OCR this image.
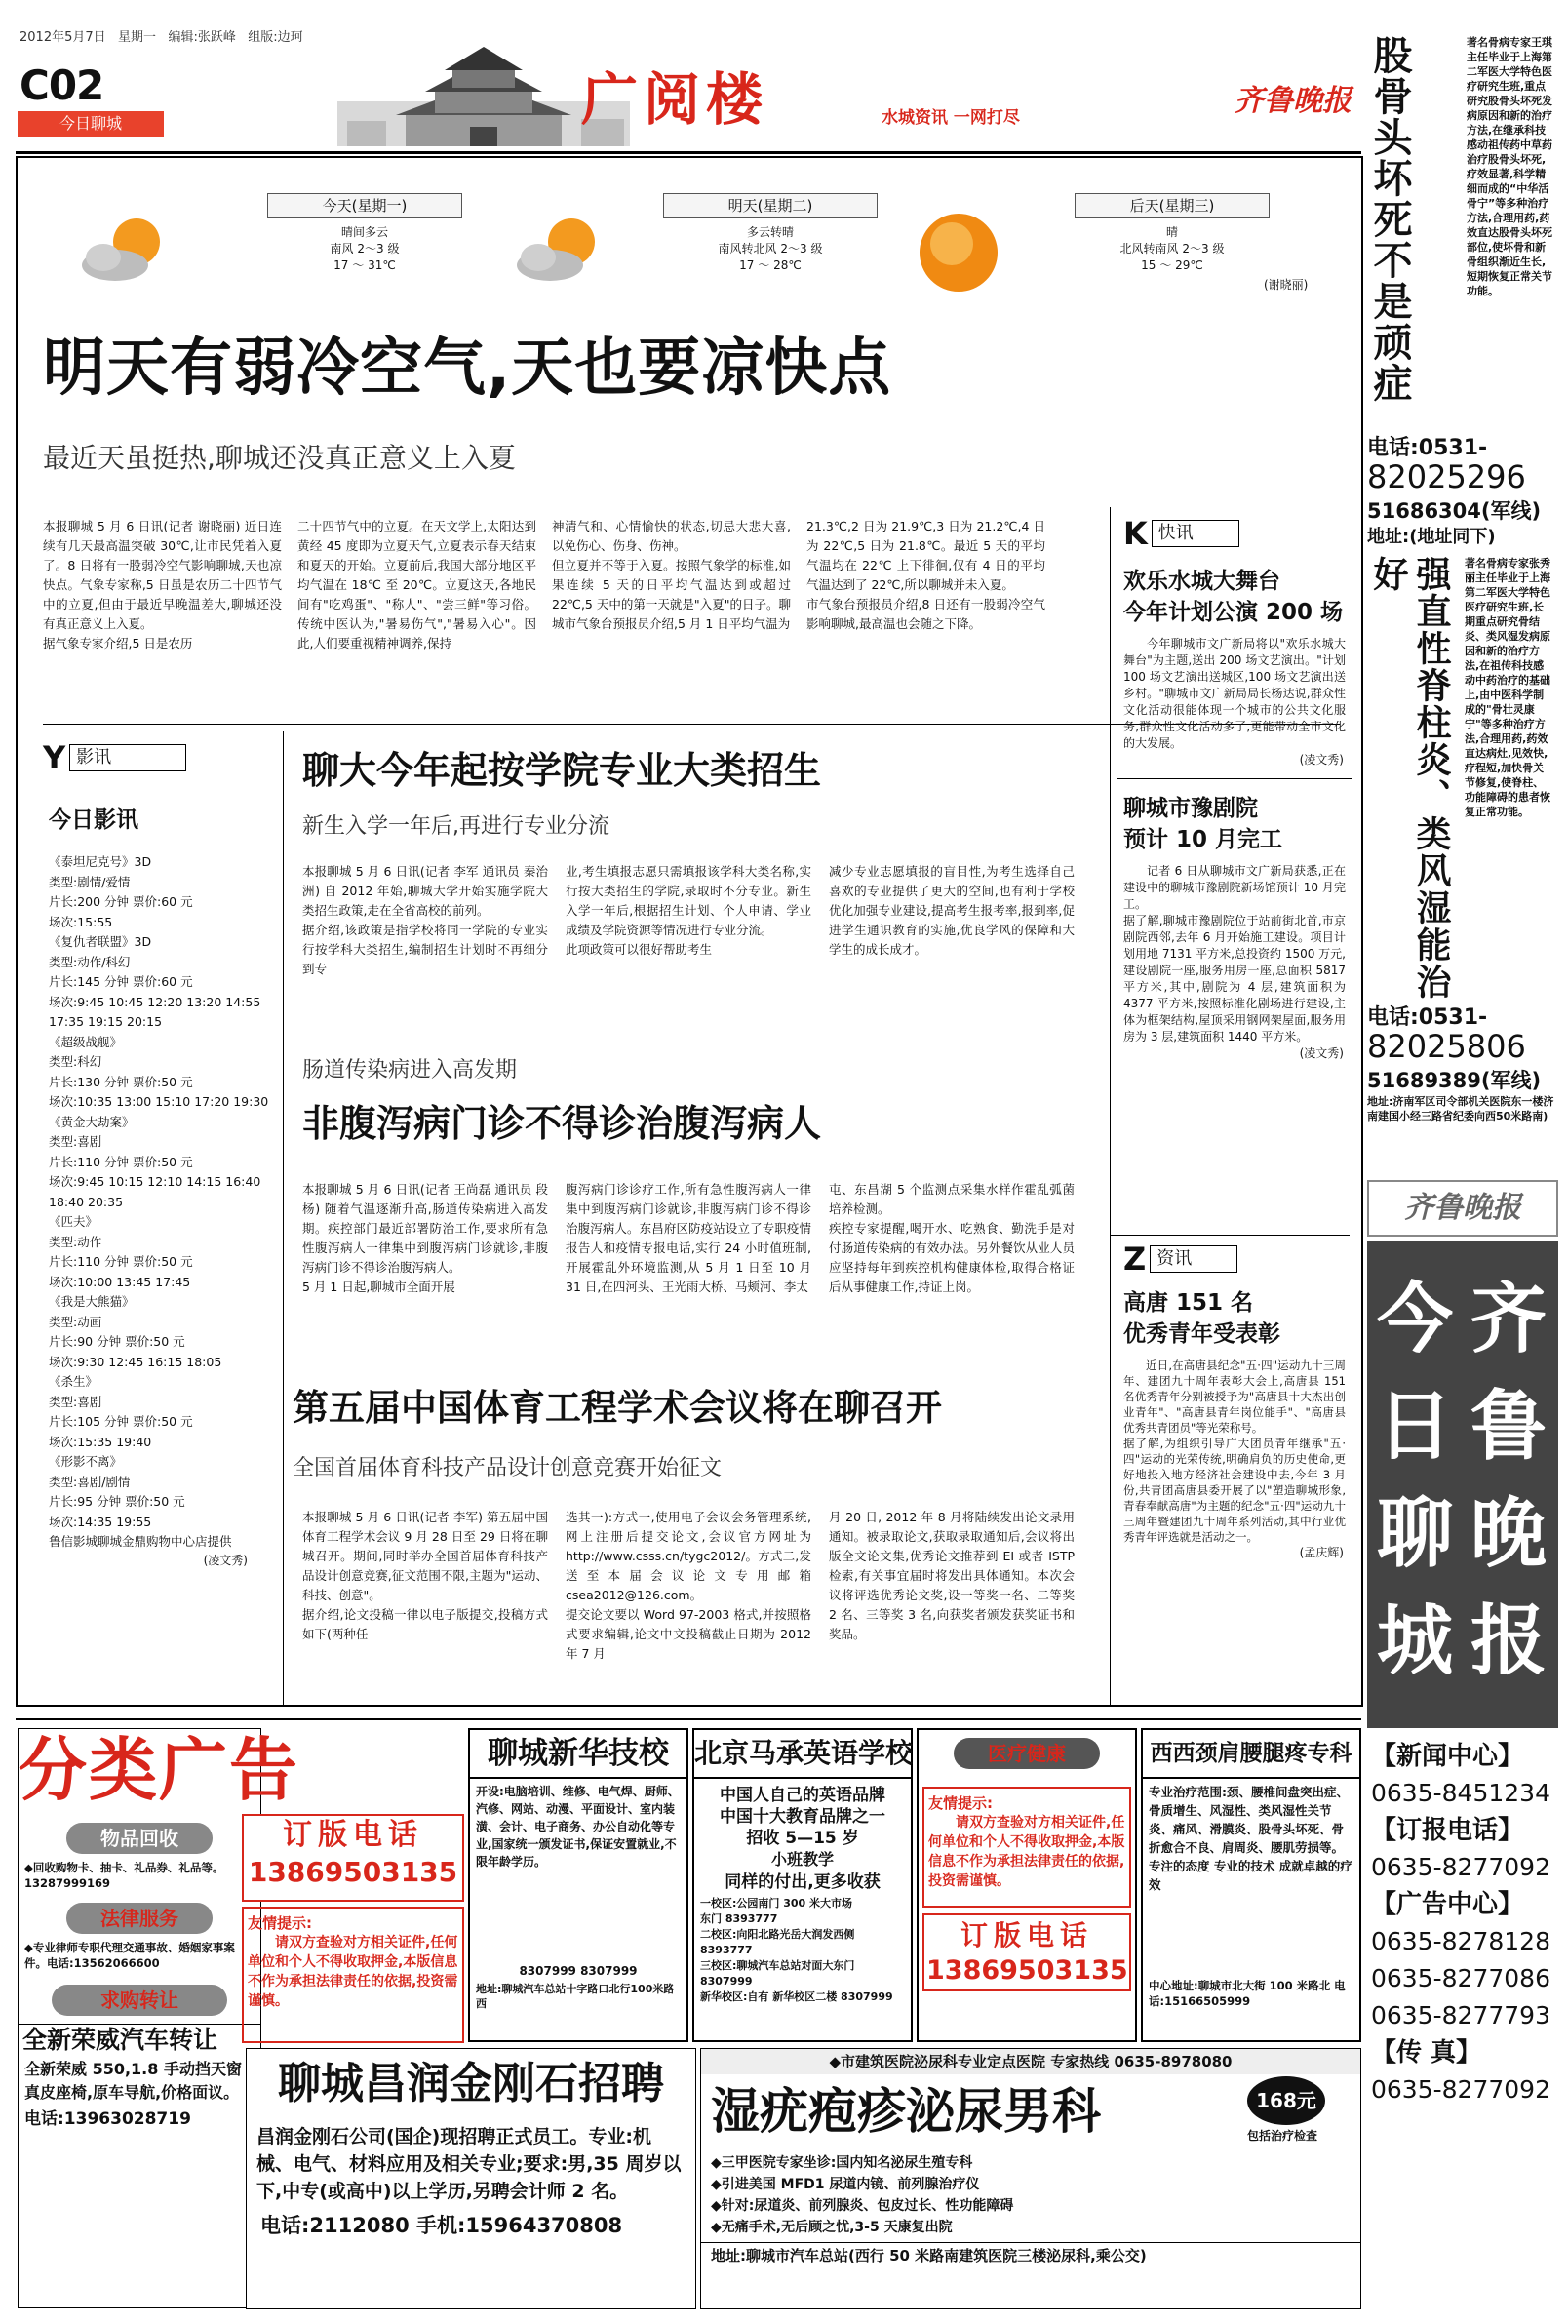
2012年5月7日 星期一 编辑:张跃峰 组版:边珂
C02
今日聊城	广阅楼	水城资讯 一网打尽	齐鲁晚报
今天(星期一)
晴间多云
南风 2～3 级
17 ～ 31℃
明天(星期二)
多云转晴
南风转北风 2～3 级
17 ～ 28℃
后天(星期三)
晴
北风转南风 2～3 级
15 ～ 29℃
(谢晓丽)
明天有弱冷空气,天也要凉快点
最近天虽挺热,聊城还没真正意义上入夏
本报聊城 5 月 6 日讯(记者 谢晓丽) 近日连续有几天最高温突破 30℃,让市民凭着入夏了。8 日将有一股弱冷空气影响聊城,天也凉快点。气象专家称,5 日虽是农历二十四节气中的立夏,但由于最近早晚温差大,聊城还没有真正意义上入夏。
据气象专家介绍,5 日是农历
二十四节气中的立夏。在天文学上,太阳达到黄经 45 度即为立夏天气,立夏表示春天结束和夏天的开始。立夏前后,我国大部分地区平均气温在 18℃ 至 20℃。立夏这天,各地民间有"吃鸡蛋"、"称人"、"尝三鲜"等习俗。传统中医认为,"暑易伤气","暑易入心"。因此,人们要重视精神调养,保持
神清气和、心情愉快的状态,切忌大悲大喜,以免伤心、伤身、伤神。
但立夏并不等于入夏。按照气象学的标准,如果连续 5 天的日平均气温达到或超过 22℃,5 天中的第一天就是"入夏"的日子。聊城市气象台预报员介绍,5 月 1 日平均气温为
21.3℃,2 日为 21.9℃,3 日为 21.2℃,4 日为 22℃,5 日为 21.8℃。最近 5 天的平均气温均在 22℃ 上下徘徊,仅有 4 日的平均气温达到了 22℃,所以聊城并未入夏。
市气象台预报员介绍,8 日还有一股弱冷空气影响聊城,最高温也会随之下降。
K 快讯
欢乐水城大舞台
今年计划公演 200 场
今年聊城市文广新局将以"欢乐水城大舞台"为主题,送出 200 场文艺演出。"计划 100 场文艺演出送城区,100 场文艺演出送乡村。"聊城市文广新局局长杨达说,群众性文化活动很能体现一个城市的公共文化服务,群众性文化活动多了,更能带动全市文化的大发展。
(凌文秀)
聊城市豫剧院
预计 10 月完工
记者 6 日从聊城市文广新局获悉,正在建设中的聊城市豫剧院新场馆预计 10 月完工。
据了解,聊城市豫剧院位于站前街北首,市京剧院西邻,去年 6 月开始施工建设。项目计划用地 7131 平方米,总投资约 1500 万元,建设剧院一座,服务用房一座,总面积 5817 平方米,其中,剧院为 4 层,建筑面积为 4377 平方米,按照标准化剧场进行建设,主体为框架结构,屋顶采用钢网架屋面,服务用房为 3 层,建筑面积 1440 平方米。
(凌文秀)
Z 资讯
高唐 151 名
优秀青年受表彰
近日,在高唐县纪念"五·四"运动九十三周年、建团九十周年表彰大会上,高唐县 151 名优秀青年分别被授予为"高唐县十大杰出创业青年"、"高唐县青年岗位能手"、"高唐县优秀共青团员"等光荣称号。
据了解,为组织引导广大团员青年继承"五·四"运动的光荣传统,明确肩负的历史使命,更好地投入地方经济社会建设中去,今年 3 月份,共青团高唐县委开展了以"塑造聊城形象,青春奉献高唐"为主题的纪念"五·四"运动九十三周年暨建团九十周年系列活动,其中行业优秀青年评选就是活动之一。
(孟庆辉)
Y 影讯
今日影讯
《泰坦尼克号》3D
类型:剧情/爱情
片长:200 分钟 票价:60 元
场次:15:55
《复仇者联盟》3D
类型:动作/科幻
片长:145 分钟 票价:60 元
场次:9:45 10:45 12:20 13:20 14:55 17:35 19:15 20:15
《超级战舰》
类型:科幻
片长:130 分钟 票价:50 元
场次:10:35 13:00 15:10 17:20 19:30
《黄金大劫案》
类型:喜剧
片长:110 分钟 票价:50 元
场次:9:45 10:15 12:10 14:15 16:40 18:40 20:35
《匹夫》
类型:动作
片长:110 分钟 票价:50 元
场次:10:00 13:45 17:45
《我是大熊猫》
类型:动画
片长:90 分钟 票价:50 元
场次:9:30 12:45 16:15 18:05
《杀生》
类型:喜剧
片长:105 分钟 票价:50 元
场次:15:35 19:40
《形影不离》
类型:喜剧/剧情
片长:95 分钟 票价:50 元
场次:14:35 19:55
鲁信影城聊城金鼎购物中心店提供
(凌文秀)
聊大今年起按学院专业大类招生
新生入学一年后,再进行专业分流
本报聊城 5 月 6 日讯(记者 李军 通讯员 秦治洲) 自 2012 年始,聊城大学开始实施学院大类招生政策,走在全省高校的前列。
据介绍,该政策是指学校将同一学院的专业实行按学科大类招生,编制招生计划时不再细分到专
业,考生填报志愿只需填报该学科大类名称,实行按大类招生的学院,录取时不分专业。新生入学一年后,根据招生计划、个人申请、学业成绩及学院资源等情况进行专业分流。
此项政策可以很好帮助考生
减少专业志愿填报的盲目性,为考生选择自己喜欢的专业提供了更大的空间,也有利于学校优化加强专业建设,提高考生报考率,报到率,促进学生通识教育的实施,优良学风的保障和大学生的成长成才。
肠道传染病进入高发期
非腹泻病门诊不得诊治腹泻病人
本报聊城 5 月 6 日讯(记者 王尚磊 通讯员 段杨) 随着气温逐渐升高,肠道传染病进入高发期。疾控部门最近部署防治工作,要求所有急性腹泻病人一律集中到腹泻病门诊就诊,非腹泻病门诊不得诊治腹泻病人。
5 月 1 日起,聊城市全面开展
腹泻病门诊诊疗工作,所有急性腹泻病人一律集中到腹泻病门诊就诊,非腹泻病门诊不得诊治腹泻病人。东昌府区防疫站设立了专职疫情报告人和疫情专报电话,实行 24 小时值班制,开展霍乱外环境监测,从 5 月 1 日至 10 月 31 日,在四河头、王光雨大桥、马颊河、李太
屯、东昌湖 5 个监测点采集水样作霍乱弧菌培养检测。
疾控专家提醒,喝开水、吃熟食、勤洗手是对付肠道传染病的有效办法。另外餐饮从业人员应坚持每年到疾控机构健康体检,取得合格证后从事健康工作,持证上岗。
第五届中国体育工程学术会议将在聊召开
全国首届体育科技产品设计创意竞赛开始征文
本报聊城 5 月 6 日讯(记者 李军) 第五届中国体育工程学术会议 9 月 28 日至 29 日将在聊城召开。期间,同时举办全国首届体育科技产品设计创意竞赛,征文范围不限,主题为"运动、科技、创意"。
据介绍,论文投稿一律以电子版提交,投稿方式如下(两种任
选其一):方式一,使用电子会议会务管理系统,网上注册后提交论文,会议官方网址为 http://www.csss.cn/tygc2012/。方式二,发送至本届会议论文专用邮箱 csea2012@126.com。
提交论文要以 Word 97-2003 格式,并按照格式要求编辑,论文中文投稿截止日期为 2012 年 7 月
月 20 日, 2012 年 8 月将陆续发出论文录用通知。被录取论文,获取录取通知后,会议将出版全文论文集,优秀论文推荐到 EI 或者 ISTP 检索,有关事宜届时将发出具体通知。本次会议将评选优秀论文奖,设一等奖一名、二等奖 2 名、三等奖 3 名,向获奖者颁发获奖证书和奖品。
股骨头坏死不是顽症	著名骨病专家王琪主任毕业于上海第二军医大学特色医疗研究生班,重点研究股骨头坏死发病原因和新的治疗方法,在继承科技感动祖传药中草药治疗股骨头坏死,疗效显著,科学精细而成的“中华活骨宁”等多种治疗方法,合理用药,药效直达股骨头坏死部位,使坏骨和新骨组织渐近生长,短期恢复正常关节功能。
电话:0531-
82025296
51686304(军线)
地址:(地址同下)
强直性脊柱炎、类风湿能治好	著名骨病专家张秀丽主任毕业于上海第二军医大学特色医疗研究生班,长期重点研究骨结炎、类风湿发病原因和新的治疗方法,在祖传科技感动中药治疗的基础上,由中医科学制成的"骨壮灵康宁"等多种治疗方法,合理用药,药效直达病灶,见效快,疗程短,加快骨关节修复,使脊柱、功能障碍的患者恢复正常功能。
电话:0531-
82025806
51689389(军线)
地址:济南军区司令部机关医院东一楼济南建国小经三路省纪委向西50米路南)
齐鲁晚报
齐
鲁
晚
报
今
日
聊
城
【新闻中心】
0635-8451234
【订报电话】
0635-8277092
【广告中心】
0635-8278128
0635-8277086
0635-8277793
【传 真】
0635-8277092
分类广告
物品回收
◆回收购物卡、抽卡、礼品券、礼品等。13287999169
法律服务
◆专业律师专职代理交通事故、婚姻家事案件。电话:13562066600
求购转让
全新荣威汽车转让
全新荣威 550,1.8 手动挡天窗真皮座椅,原车导航,价格面议。
电话:13963028719
订版电话
13869503135
友情提示:
请双方查验对方相关证件,任何单位和个人不得收取押金,本版信息不作为承担法律责任的依据,投资需谨慎。
聊城新华技校
开设:电脑培训、维修、电气焊、厨师、汽修、网站、动漫、平面设计、室内装潢、会计、电子商务、办公自动化等专业,国家统一颁发证书,保证安置就业,不限年龄学历。
8307999 8307999
地址:聊城汽车总站十字路口北行100米路西
北京马承英语学校
中国人自己的英语品牌
中国十大教育品牌之一
招收 5—15 岁
小班教学
同样的付出,更多收获
一校区:公园南门 300 米大市场
东门 8393777
二校区:向阳北路光岳大润发西侧 8393777
三校区:聊城汽车总站对面大东门 8307999
新华校区:自有 新华校区二楼 8307999
医疗健康
友情提示:
请双方查验对方相关证件,任何单位和个人不得收取押金,本版信息不作为承担法律责任的依据,投资需谨慎。
订版电话
13869503135
西西颈肩腰腿疼专科
专业治疗范围:颈、腰椎间盘突出症、骨质增生、风湿性、类风湿性关节炎、痛风、滑膜炎、股骨头坏死、骨折愈合不良、肩周炎、腰肌劳损等。专注的态度 专业的技术 成就卓越的疗效
中心地址:聊城市北大街 100 米路北 电话:15166505999
聊城昌润金刚石招聘
昌润金刚石公司(国企)现招聘正式员工。专业:机械、电气、材料应用及相关专业;要求:男,35 周岁以下,中专(或高中)以上学历,另聘会计师 2 名。
电话:2112080 手机:15964370808
◆市建筑医院泌尿科专业定点医院 专家热线 0635-8978080
湿疣疱疹泌尿男科	168元
包括治疗检查
◆三甲医院专家坐诊:国内知名泌尿生殖专科
◆引进美国 MFD1 尿道内镜、前列腺治疗仪
◆针对:尿道炎、前列腺炎、包皮过长、性功能障碍
◆无痛手术,无后顾之忧,3-5 天康复出院
地址:聊城市汽车总站(西行 50 米路南建筑医院三楼泌尿科,乘公交)
